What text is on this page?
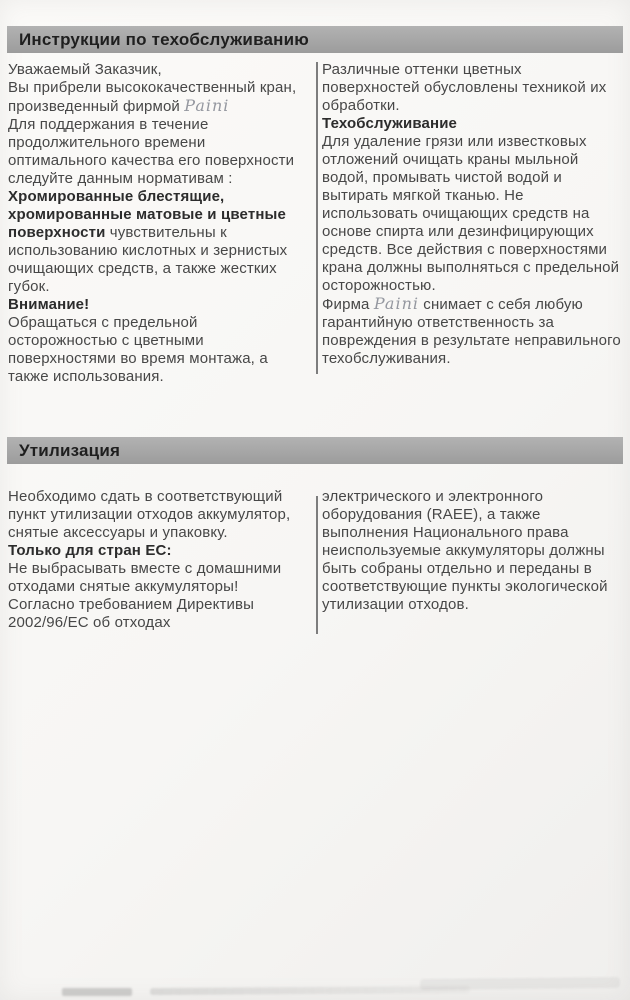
Инструкции по техобслуживанию

Уважаемый Заказчик,

Вы прибрели высококачественный кран, произведенный фирмой Paini

Для поддержания в течение продолжительного времени оптимального качества его поверхности следуйте данным нормативам :

Хромированные блестящие, хромированные матовые и цветные поверхности чувствительны к использованию кислотных и зернистых очищающих средств, а также жестких губок.

Внимание!

Обращаться с предельной осторожностью с цветными поверхностями во время монтажа, а также использования.

Различные оттенки цветных поверхностей обусловлены техникой их обработки.

Техобслуживание

Для удаление грязи или известковых отложений очищать краны мыльной водой, промывать чистой водой и вытирать мягкой тканью. Не использовать очищающих средств на основе спирта или дезинфицирующих средств. Все действия с поверхностями крана должны выполняться с предельной осторожностью.

Фирма Paini снимает с себя любую гарантийную ответственность за повреждения в результате неправильного техобслуживания.

Утилизация

Необходимо сдать в соответствующий пункт утилизации отходов аккумулятор, снятые аксессуары и упаковку.

Только для стран ЕС:

Не выбрасывать вместе с домашними отходами снятые аккумуляторы!

Согласно требованием Директивы 2002/96/ЕС об отходах

электрического и электронного оборудования (RAEE), а также выполнения Национального права неиспользуемые аккумуляторы должны быть собраны отдельно и переданы в соответствующие пункты экологической утилизации отходов.
